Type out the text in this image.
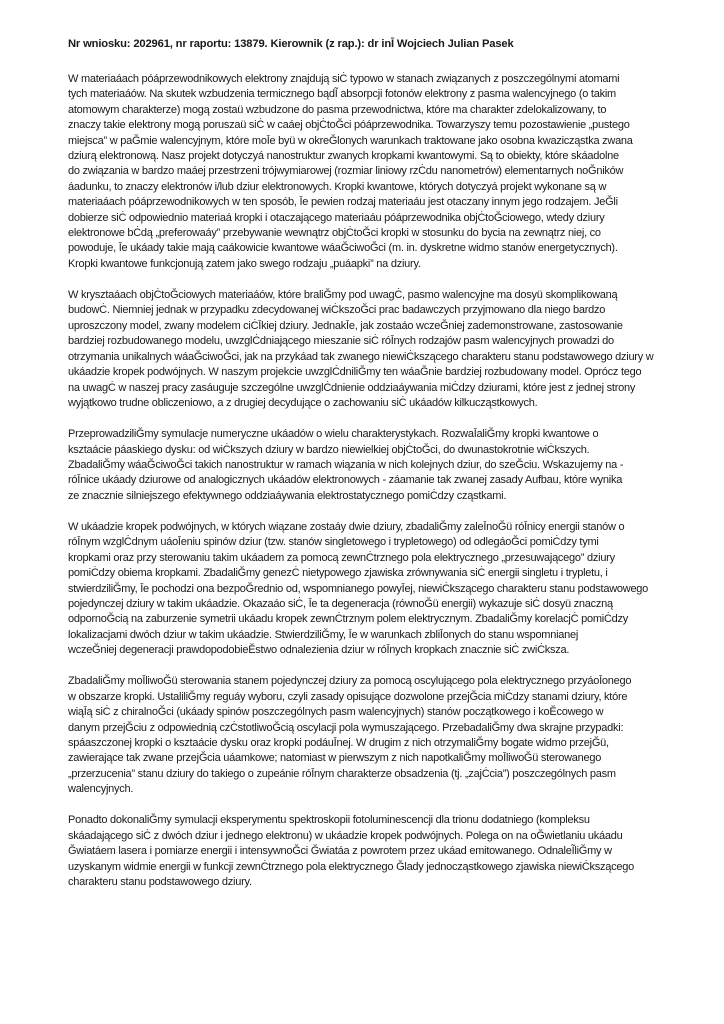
Nr wniosku: 202961, nr raportu: 13879. Kierownik (z rap.): dr inĪ Wojciech Julian Pasek
W materiaáach póáprzewodnikowych elektrony znajdują siĊ typowo w stanach związanych z poszczególnymi atomami
tych materiaáów. Na skutek wzbudzenia termicznego bądĨ absorpcji fotonów elektrony z pasma walencyjnego (o takim
atomowym charakterze) mogą zostaü wzbudzone do pasma przewodnictwa, które ma charakter zdelokalizowany, to
znaczy takie elektrony mogą poruszaü siĊ w caáej objĊtoĞci póáprzewodnika. Towarzyszy temu pozostawienie „pustego
miejsca” w paĞmie walencyjnym, które moĪe byü w okreĞlonych warunkach traktowane jako osobna kwazicząstka zwana
dziurą elektronową. Nasz projekt dotyczyá nanostruktur zwanych kropkami kwantowymi. Są to obiekty, które skáadolne
do związania w bardzo maáej przestrzeni trójwymiarowej (rozmiar liniowy rzĊdu nanometrów) elementarnych noĞników
áadunku, to znaczy elektronów i/lub dziur elektronowych. Kropki kwantowe, których dotyczyá projekt wykonane są w
materiaáach póáprzewodnikowych w ten sposób, Īe pewien rodzaj materiaáu jest otaczany innym jego rodzajem. JeĞli
dobierze siĊ odpowiednio materiaá kropki i otaczającego materiaáu póáprzewodnika objĊtoĞciowego, wtedy dziury
elektronowe bĊdą „preferowaáy” przebywanie wewnątrz objĊtoĞci kropki w stosunku do bycia na zewnątrz niej, co
powoduje, Īe ukáady takie mają caákowicie kwantowe wáaĞciwoĞci (m. in. dyskretne widmo stanów energetycznych).
Kropki kwantowe funkcjonują zatem jako swego rodzaju „puáapki” na dziury.
W krysztaáach objĊtoĞciowych materiaáów, które braliĞmy pod uwagĊ, pasmo walencyjne ma dosyü skomplikowaną
budowĊ. Niemniej jednak w przypadku zdecydowanej wiĊkszoĞci prac badawczych przyjmowano dla niego bardzo
uproszczony model, zwany modelem ciĊĪkiej dziury. JednakĪe, jak zostaáo wczeĞniej zademonstrowane, zastosowanie
bardziej rozbudowanego modelu, uwzglĊdniającego mieszanie siĊ róĪnych rodzajów pasm walencyjnych prowadzi do
otrzymania unikalnych wáaĞciwoĞci, jak na przykáad tak zwanego niewiĊkszącego charakteru stanu podstawowego dziury w
ukáadzie kropek podwójnych. W naszym projekcie uwzglĊdniliĞmy ten wáaĞnie bardziej rozbudowany model. Oprócz tego
na uwagĊ w naszej pracy zasáuguje szczególne uwzglĊdnienie oddziaáywania miĊdzy dziurami, które jest z jednej strony
wyjątkowo trudne obliczeniowo, a z drugiej decydujące o zachowaniu siĊ ukáadów kilkucząstkowych.
PrzeprowadziliĞmy symulacje numeryczne ukáadów o wielu charakterystykach. RozwaĪaliĞmy kropki kwantowe o
ksztaácie páaskiego dysku: od wiĊkszych dziury w bardzo niewielkiej objĊtoĞci, do dwunastokrotnie wiĊkszych.
ZbadaliĞmy wáaĞciwoĞci takich nanostruktur w ramach wiązania w nich kolejnych dziur, do szeĞciu. Wskazujemy na -
róĪnice ukáady dziurowe od analogicznych ukáadów elektronowych - záamanie tak zwanej zasady Aufbau, które wynika
ze znacznie silniejszego efektywnego oddziaáywania elektrostatycznego pomiĊdzy cząstkami.
W ukáadzie kropek podwójnych, w których wiązane zostaáy dwie dziury, zbadaliĞmy zaleĪnoĞü róĪnicy energii stanów o
róĪnym wzglĊdnym uáoĪeniu spinów dziur (tzw. stanów singletowego i trypletowego) od odlegáoĞci pomiĊdzy tymi
kropkami oraz przy sterowaniu takim ukáadem za pomocą zewnĊtrznego pola elektrycznego „przesuwającego” dziury
pomiĊdzy obiema kropkami. ZbadaliĞmy genezĊ nietypowego zjawiska zrównywania siĊ energii singletu i trypletu, i
stwierdziliĞmy, Īe pochodzi ona bezpoĞrednio od, wspomnianego powyĪej, niewiĊkszącego charakteru stanu podstawowego
pojedynczej dziury w takim ukáadzie. Okazaáo siĊ, Īe ta degeneracja (równoĞü energii) wykazuje siĊ dosyü znaczną
odpornoĞcią na zaburzenie symetrii ukáadu kropek zewnĊtrznym polem elektrycznym. ZbadaliĞmy korelacjĊ pomiĊdzy
lokalizacjami dwóch dziur w takim ukáadzie. StwierdziliĞmy, Īe w warunkach zbliĪonych do stanu wspomnianej
wczeĞniej degeneracji prawdopodobieĔstwo odnalezienia dziur w róĪnych kropkach znacznie siĊ zwiĊksza.
ZbadaliĞmy moĪliwoĞü sterowania stanem pojedynczej dziury za pomocą oscylującego pola elektrycznego przyáoĪonego
w obszarze kropki. UstaliliĞmy reguáy wyboru, czyli zasady opisujące dozwolone przejĞcia miĊdzy stanami dziury, które
wiąĪą siĊ z chiralnoĞci (ukáady spinów poszczególnych pasm walencyjnych) stanów początkowego i koĔcowego w
danym przejĞciu z odpowiednią czĊstotliwoĞcią oscylacji pola wymuszającego. PrzebadaliĞmy dwa skrajne przypadki:
spáaszczonej kropki o ksztaácie dysku oraz kropki podáuĪnej. W drugim z nich otrzymaliĞmy bogate widmo przejĞü,
zawierające tak zwane przejĞcia uáamkowe; natomiast w pierwszym z nich napotkaliĞmy moĪliwoĞü sterowanego
„przerzucenia” stanu dziury do takiego o zupeánie róĪnym charakterze obsadzenia (tj. „zajĊcia”) poszczególnych pasm
walencyjnych.
Ponadto dokonaliĞmy symulacji eksperymentu spektroskopii fotoluminescencji dla trionu dodatniego (kompleksu
skáadającego siĊ z dwóch dziur i jednego elektronu) w ukáadzie kropek podwójnych. Polega on na oĞwietlaniu ukáadu
Ğwiatáem lasera i pomiarze energii i intensywnoĞci Ğwiatáa z powrotem przez ukáad emitowanego. OdnaleĨliĞmy w
uzyskanym widmie energii w funkcji zewnĊtrznego pola elektrycznego Ğlady jednocząstkowego zjawiska niewiĊkszącego
charakteru stanu podstawowego dziury.
